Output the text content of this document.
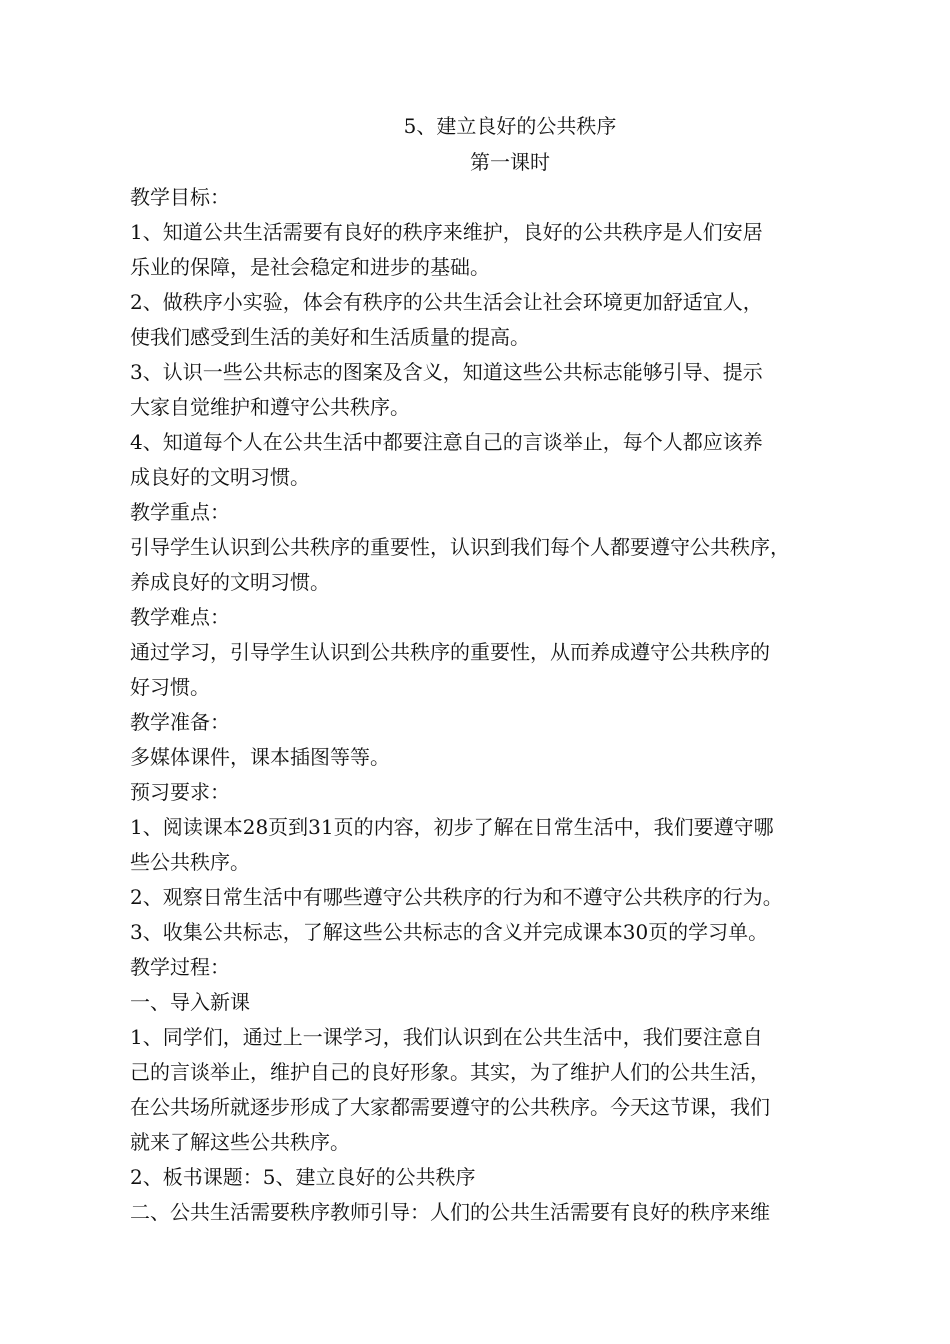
5、建立良好的公共秩序
第一课时
教学目标：
1、知道公共生活需要有良好的秩序来维护，良好的公共秩序是人们安居
乐业的保障，是社会稳定和进步的基础。
2、做秩序小实验，体会有秩序的公共生活会让社会环境更加舒适宜人，
使我们感受到生活的美好和生活质量的提高。
3、认识一些公共标志的图案及含义，知道这些公共标志能够引导、提示
大家自觉维护和遵守公共秩序。
4、知道每个人在公共生活中都要注意自己的言谈举止，每个人都应该养
成良好的文明习惯。
教学重点：
引导学生认识到公共秩序的重要性，认识到我们每个人都要遵守公共秩序，
养成良好的文明习惯。
教学难点：
通过学习，引导学生认识到公共秩序的重要性，从而养成遵守公共秩序的
好习惯。
教学准备：
多媒体课件，课本插图等等。
预习要求：
1、阅读课本28页到31页的内容，初步了解在日常生活中，我们要遵守哪
些公共秩序。
2、观察日常生活中有哪些遵守公共秩序的行为和不遵守公共秩序的行为。
3、收集公共标志，了解这些公共标志的含义并完成课本30页的学习单。
教学过程：
一、导入新课
1、同学们，通过上一课学习，我们认识到在公共生活中，我们要注意自
己的言谈举止，维护自己的良好形象。其实，为了维护人们的公共生活，
在公共场所就逐步形成了大家都需要遵守的公共秩序。今天这节课，我们
就来了解这些公共秩序。
2、板书课题：5、建立良好的公共秩序
二、公共生活需要秩序教师引导：人们的公共生活需要有良好的秩序来维
